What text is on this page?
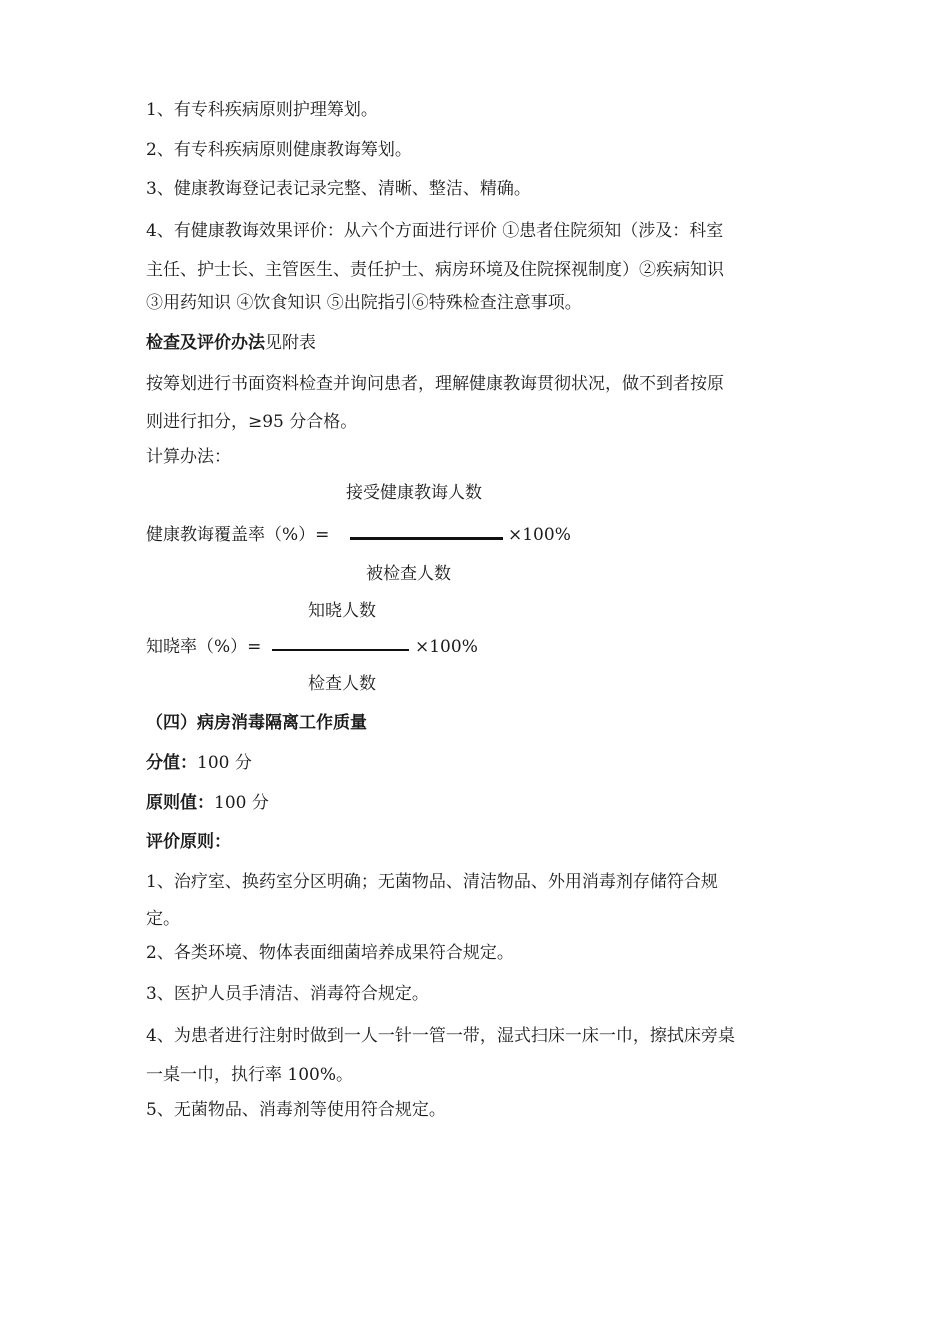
1、有专科疾病原则护理筹划。
2、有专科疾病原则健康教诲筹划。
3、健康教诲登记表记录完整、清晰、整洁、精确。
4、有健康教诲效果评价：从六个方面进行评价 ①患者住院须知（涉及：科室
主任、护士长、主管医生、责任护士、病房环境及住院探视制度）②疾病知识
③用药知识 ④饮食知识 ⑤出院指引⑥特殊检查注意事项。
检查及评价办法见附表
按筹划进行书面资料检查并询问患者，理解健康教诲贯彻状况，做不到者按原
则进行扣分，≥95 分合格。
计算办法：
接受健康教诲人数
健康教诲覆盖率（%）=	×100%
被检查人数
知晓人数
知晓率（%）=	×100%
检查人数
（四）病房消毒隔离工作质量
分值：100 分
原则值：100 分
评价原则：
1、治疗室、换药室分区明确；无菌物品、清洁物品、外用消毒剂存储符合规
定。
2、各类环境、物体表面细菌培养成果符合规定。
3、医护人员手清洁、消毒符合规定。
4、为患者进行注射时做到一人一针一管一带，湿式扫床一床一巾，擦拭床旁桌
一桌一巾，执行率 100%。
5、无菌物品、消毒剂等使用符合规定。
